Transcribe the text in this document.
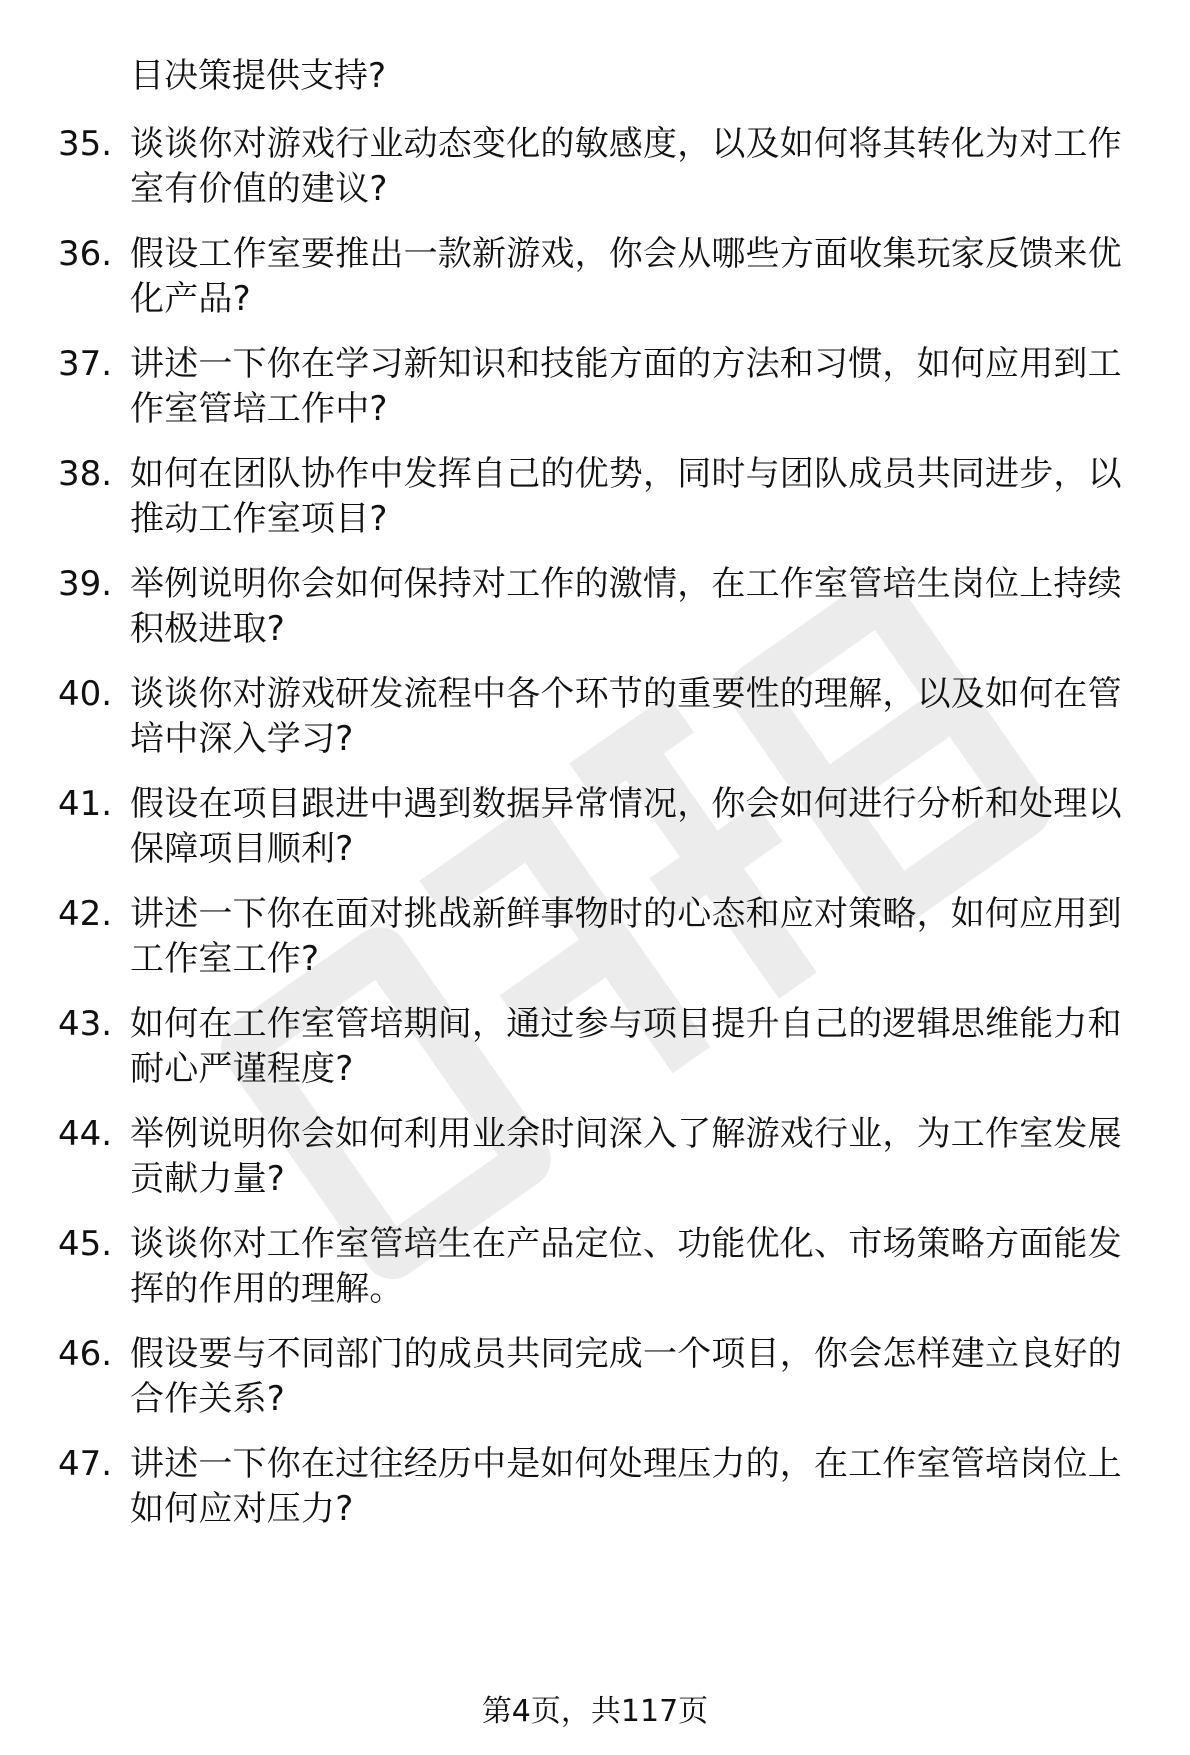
目决策提供支持?

35. 谈谈你对游戏行业动态变化的敏感度，以及如何将其转化为对工作室有价值的建议?
36. 假设工作室要推出一款新游戏，你会从哪些方面收集玩家反馈来优化产品?
37. 讲述一下你在学习新知识和技能方面的方法和习惯，如何应用到工作室管培工作中?
38. 如何在团队协作中发挥自己的优势，同时与团队成员共同进步，以推动工作室项目?
39. 举例说明你会如何保持对工作的激情，在工作室管培生岗位上持续积极进取?
40. 谈谈你对游戏研发流程中各个环节的重要性的理解，以及如何在管培中深入学习?
41. 假设在项目跟进中遇到数据异常情况，你会如何进行分析和处理以保障项目顺利?
42. 讲述一下你在面对挑战新鲜事物时的心态和应对策略，如何应用到工作室工作?
43. 如何在工作室管培期间，通过参与项目提升自己的逻辑思维能力和耐心严谨程度?
44. 举例说明你会如何利用业余时间深入了解游戏行业，为工作室发展贡献力量?
45. 谈谈你对工作室管培生在产品定位、功能优化、市场策略方面能发挥的作用的理解。
46. 假设要与不同部门的成员共同完成一个项目，你会怎样建立良好的合作关系?
47. 讲述一下你在过往经历中是如何处理压力的，在工作室管培岗位上如何应对压力?
第4页，共117页
